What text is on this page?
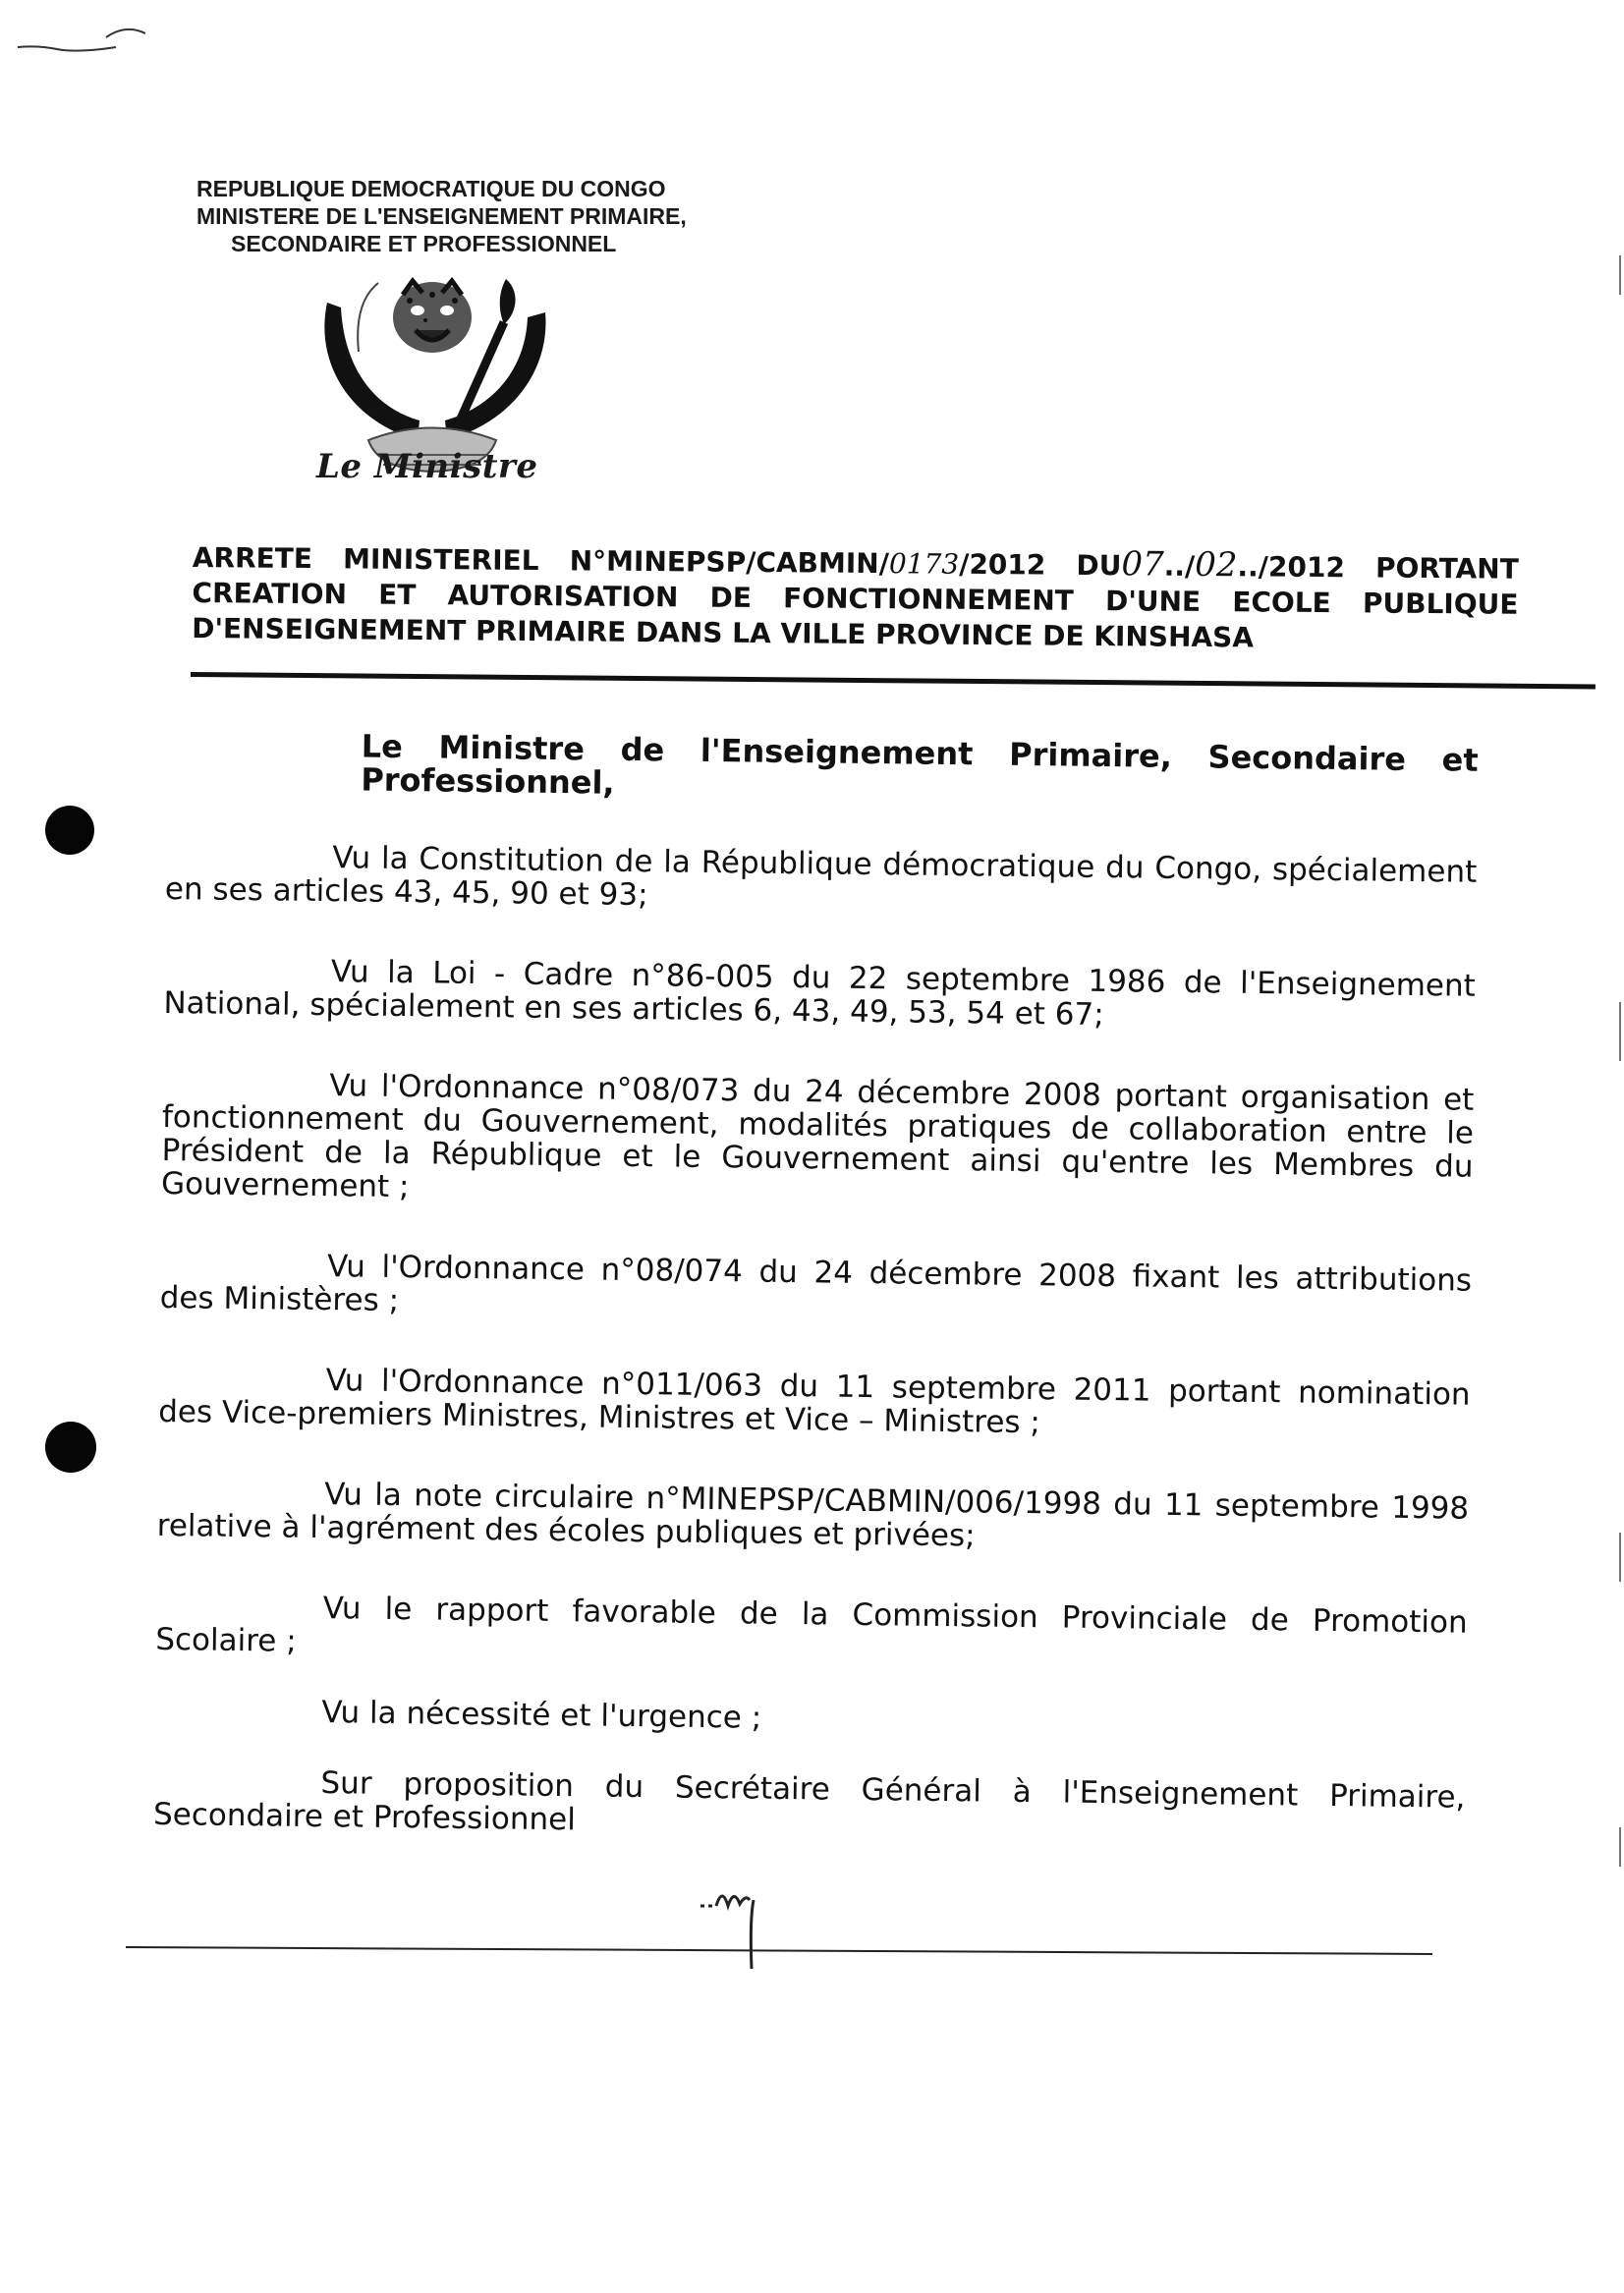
REPUBLIQUE DEMOCRATIQUE DU CONGO
MINISTERE DE L'ENSEIGNEMENT PRIMAIRE,
SECONDAIRE ET PROFESSIONNEL
Le Ministre
ARRETE MINISTERIEL N°MINEPSP/CABMIN/0173/2012 DU07../02../2012 PORTANT
CREATION ET AUTORISATION DE FONCTIONNEMENT D'UNE ECOLE PUBLIQUE
D'ENSEIGNEMENT PRIMAIRE DANS LA VILLE PROVINCE DE KINSHASA
Le Ministre de l'Enseignement Primaire, Secondaire et
Professionnel,

Vu la Constitution de la République démocratique du Congo, spécialement en ses articles 43, 45, 90 et 93;

Vu la Loi - Cadre n°86-005 du 22 septembre 1986 de l'Enseignement National, spécialement en ses articles 6, 43, 49, 53, 54 et 67;

Vu l'Ordonnance n°08/073 du 24 décembre 2008 portant organisation et fonctionnement du Gouvernement, modalités pratiques de collaboration entre le Président de la République et le Gouvernement ainsi qu'entre les Membres du Gouvernement ;

Vu l'Ordonnance n°08/074 du 24 décembre 2008 fixant les attributions des Ministères ;

Vu l'Ordonnance n°011/063 du 11 septembre 2011 portant nomination des Vice-premiers Ministres, Ministres et Vice – Ministres ;

Vu la note circulaire n°MINEPSP/CABMIN/006/1998 du 11 septembre 1998 relative à l'agrément des écoles publiques et privées;

Vu le rapport favorable de la Commission Provinciale de Promotion Scolaire ;

Vu la nécessité et l'urgence ;

Sur proposition du Secrétaire Général à l'Enseignement Primaire, Secondaire et Professionnel
